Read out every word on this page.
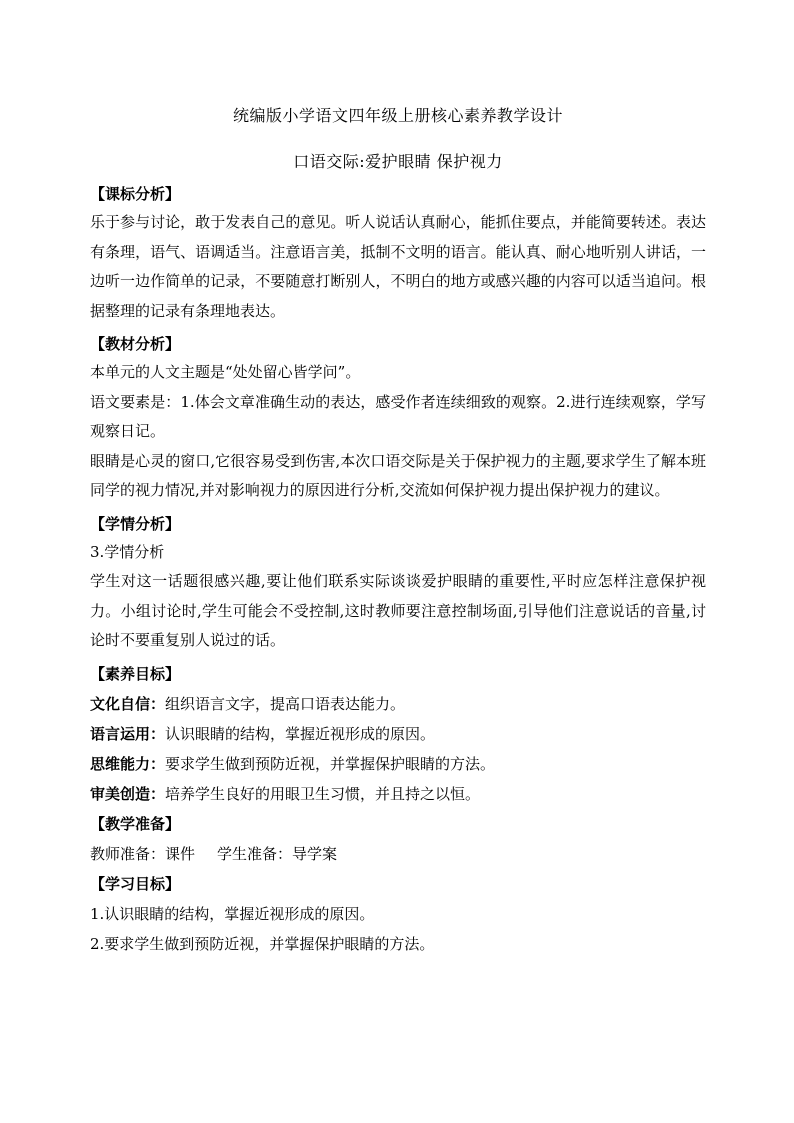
统编版小学语文四年级上册核心素养教学设计

口语交际:爱护眼睛 保护视力

【课标分析】

乐于参与讨论，敢于发表自己的意见。听人说话认真耐心，能抓住要点，并能简要转述。表达有条理，语气、语调适当。注意语言美，抵制不文明的语言。能认真、耐心地听别人讲话，一边听一边作简单的记录，不要随意打断别人，不明白的地方或感兴趣的内容可以适当追问。根据整理的记录有条理地表达。

【教材分析】

本单元的人文主题是“处处留心皆学问”。

语文要素是：1.体会文章准确生动的表达，感受作者连续细致的观察。2.进行连续观察，学写观察日记。

眼睛是心灵的窗口,它很容易受到伤害,本次口语交际是关于保护视力的主题,要求学生了解本班同学的视力情况,并对影响视力的原因进行分析,交流如何保护视力提出保护视力的建议。

【学情分析】

3.学情分析

学生对这一话题很感兴趣,要让他们联系实际谈谈爱护眼睛的重要性,平时应怎样注意保护视力。小组讨论时,学生可能会不受控制,这时教师要注意控制场面,引导他们注意说话的音量,讨论时不要重复别人说过的话。

【素养目标】

文化自信：组织语言文字，提高口语表达能力。

语言运用：认识眼睛的结构，掌握近视形成的原因。

思维能力：要求学生做到预防近视，并掌握保护眼睛的方法。

审美创造：培养学生良好的用眼卫生习惯，并且持之以恒。

【教学准备】

教师准备：课件 学生准备：导学案

【学习目标】

1.认识眼睛的结构，掌握近视形成的原因。

2.要求学生做到预防近视，并掌握保护眼睛的方法。
